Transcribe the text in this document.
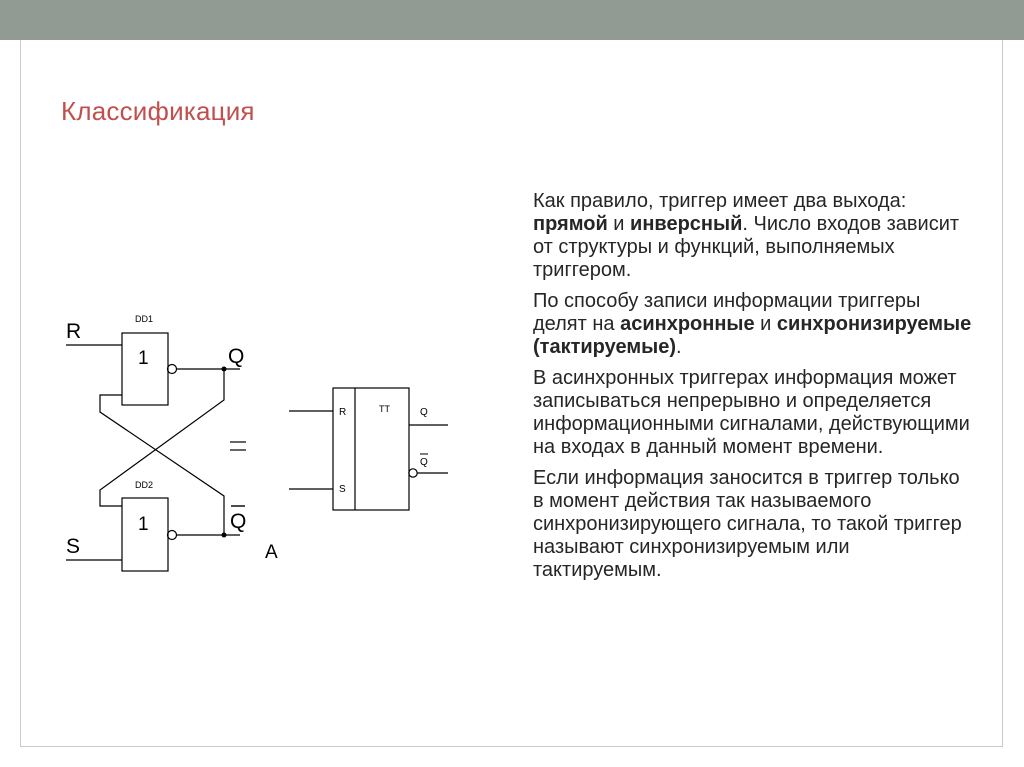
Классификация

Как правило, триггер имеет два выхода: прямой и инверсный. Число входов зависит от структуры и функций, выполняемых триггером.

По способу записи информации триггеры делят на асинхронные и синхронизируемые (тактируемые).

В асинхронных триггерах информация может записываться непрерывно и определяется информационными сигналами, действующими на входах в данный момент времени.

Если информация заносится в триггер только в момент действия так называемого синхронизирующего сигнала, то такой триггер называют синхронизируемым или тактируемым.

R
S
DD1
DD2
1
1
Q
Q
A
TT
R
S
Q
Q
